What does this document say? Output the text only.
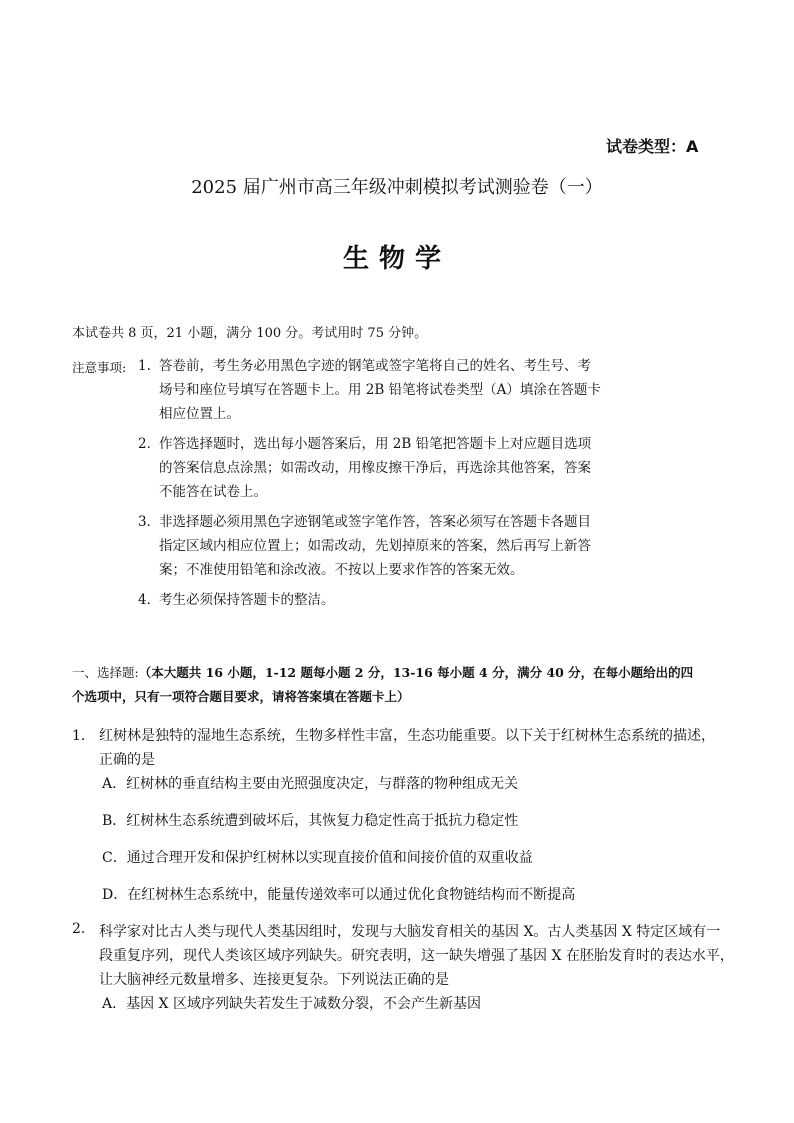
试卷类型：A
2025 届广州市高三年级冲刺模拟考试测验卷（一）
生物学
本试卷共 8 页，21 小题，满分 100 分。考试用时 75 分钟。
注意事项: 1. 答卷前，考生务必用黑色字迹的钢笔或签字笔将自己的姓名、考生号、考
场号和座位号填写在答题卡上。用 2B 铅笔将试卷类型（A）填涂在答题卡
相应位置上。
2．
作答选择题时，选出每小题答案后，用 2B 铅笔把答题卡上对应题目选项
的答案信息点涂黑；如需改动，用橡皮擦干净后，再选涂其他答案，答案
不能答在试卷上。
3．
非选择题必须用黑色字迹钢笔或签字笔作答，答案必须写在答题卡各题目
指定区域内相应位置上；如需改动，先划掉原来的答案，然后再写上新答
案；不准使用铅笔和涂改液。不按以上要求作答的答案无效。
4．
考生必须保持答题卡的整洁。
一、选择题:（本大题共 16 小题，1-12 题每小题 2 分，13-16 每小题 4 分，满分 40 分，在每小题给出的四
个选项中，只有一项符合题目要求，请将答案填在答题卡上）
1． 红树林是独特的湿地生态系统，生物多样性丰富，生态功能重要。以下关于红树林生态系统的描述，
正确的是
A．红树林的垂直结构主要由光照强度决定，与群落的物种组成无关
B．红树林生态系统遭到破坏后，其恢复力稳定性高于抵抗力稳定性
C．通过合理开发和保护红树林以实现直接价值和间接价值的双重收益
D．在红树林生态系统中，能量传递效率可以通过优化食物链结构而不断提高
2. 科学家对比古人类与现代人类基因组时，发现与大脑发育相关的基因 X。古人类基因 X 特定区域有一
段重复序列，现代人类该区域序列缺失。研究表明，这一缺失增强了基因 X 在胚胎发育时的表达水平，
让大脑神经元数量增多、连接更复杂。下列说法正确的是
A．基因 X 区域序列缺失若发生于减数分裂，不会产生新基因
